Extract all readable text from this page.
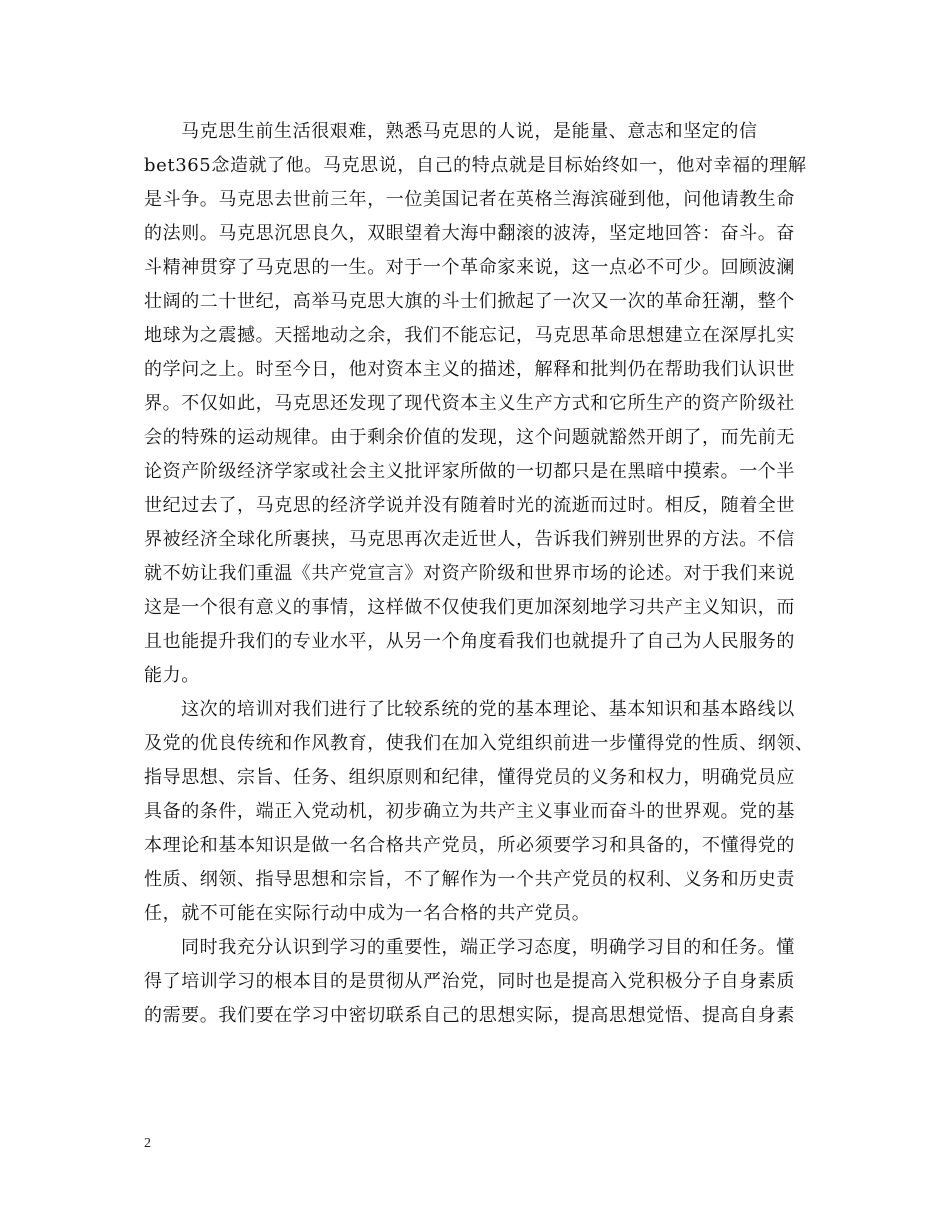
马克思生前生活很艰难，熟悉马克思的人说，是能量、意志和坚定的信
bet365念造就了他。马克思说，自己的特点就是目标始终如一，他对幸福的理解
是斗争。马克思去世前三年，一位美国记者在英格兰海滨碰到他，问他请教生命
的法则。马克思沉思良久，双眼望着大海中翻滚的波涛，坚定地回答：奋斗。奋
斗精神贯穿了马克思的一生。对于一个革命家来说，这一点必不可少。回顾波澜
壮阔的二十世纪，高举马克思大旗的斗士们掀起了一次又一次的革命狂潮，整个
地球为之震撼。天摇地动之余，我们不能忘记，马克思革命思想建立在深厚扎实
的学问之上。时至今日，他对资本主义的描述，解释和批判仍在帮助我们认识世
界。不仅如此，马克思还发现了现代资本主义生产方式和它所生产的资产阶级社
会的特殊的运动规律。由于剩余价值的发现，这个问题就豁然开朗了，而先前无
论资产阶级经济学家或社会主义批评家所做的一切都只是在黑暗中摸索。一个半
世纪过去了，马克思的经济学说并没有随着时光的流逝而过时。相反，随着全世
界被经济全球化所裹挟，马克思再次走近世人，告诉我们辨别世界的方法。不信
就不妨让我们重温《共产党宣言》对资产阶级和世界市场的论述。对于我们来说
这是一个很有意义的事情，这样做不仅使我们更加深刻地学习共产主义知识，而
且也能提升我们的专业水平，从另一个角度看我们也就提升了自己为人民服务的
能力。
这次的培训对我们进行了比较系统的党的基本理论、基本知识和基本路线以
及党的优良传统和作风教育，使我们在加入党组织前进一步懂得党的性质、纲领、
指导思想、宗旨、任务、组织原则和纪律，懂得党员的义务和权力，明确党员应
具备的条件，端正入党动机，初步确立为共产主义事业而奋斗的世界观。党的基
本理论和基本知识是做一名合格共产党员，所必须要学习和具备的，不懂得党的
性质、纲领、指导思想和宗旨，不了解作为一个共产党员的权利、义务和历史责
任，就不可能在实际行动中成为一名合格的共产党员。
同时我充分认识到学习的重要性，端正学习态度，明确学习目的和任务。懂
得了培训学习的根本目的是贯彻从严治党，同时也是提高入党积极分子自身素质
的需要。我们要在学习中密切联系自己的思想实际，提高思想觉悟、提高自身素
2
